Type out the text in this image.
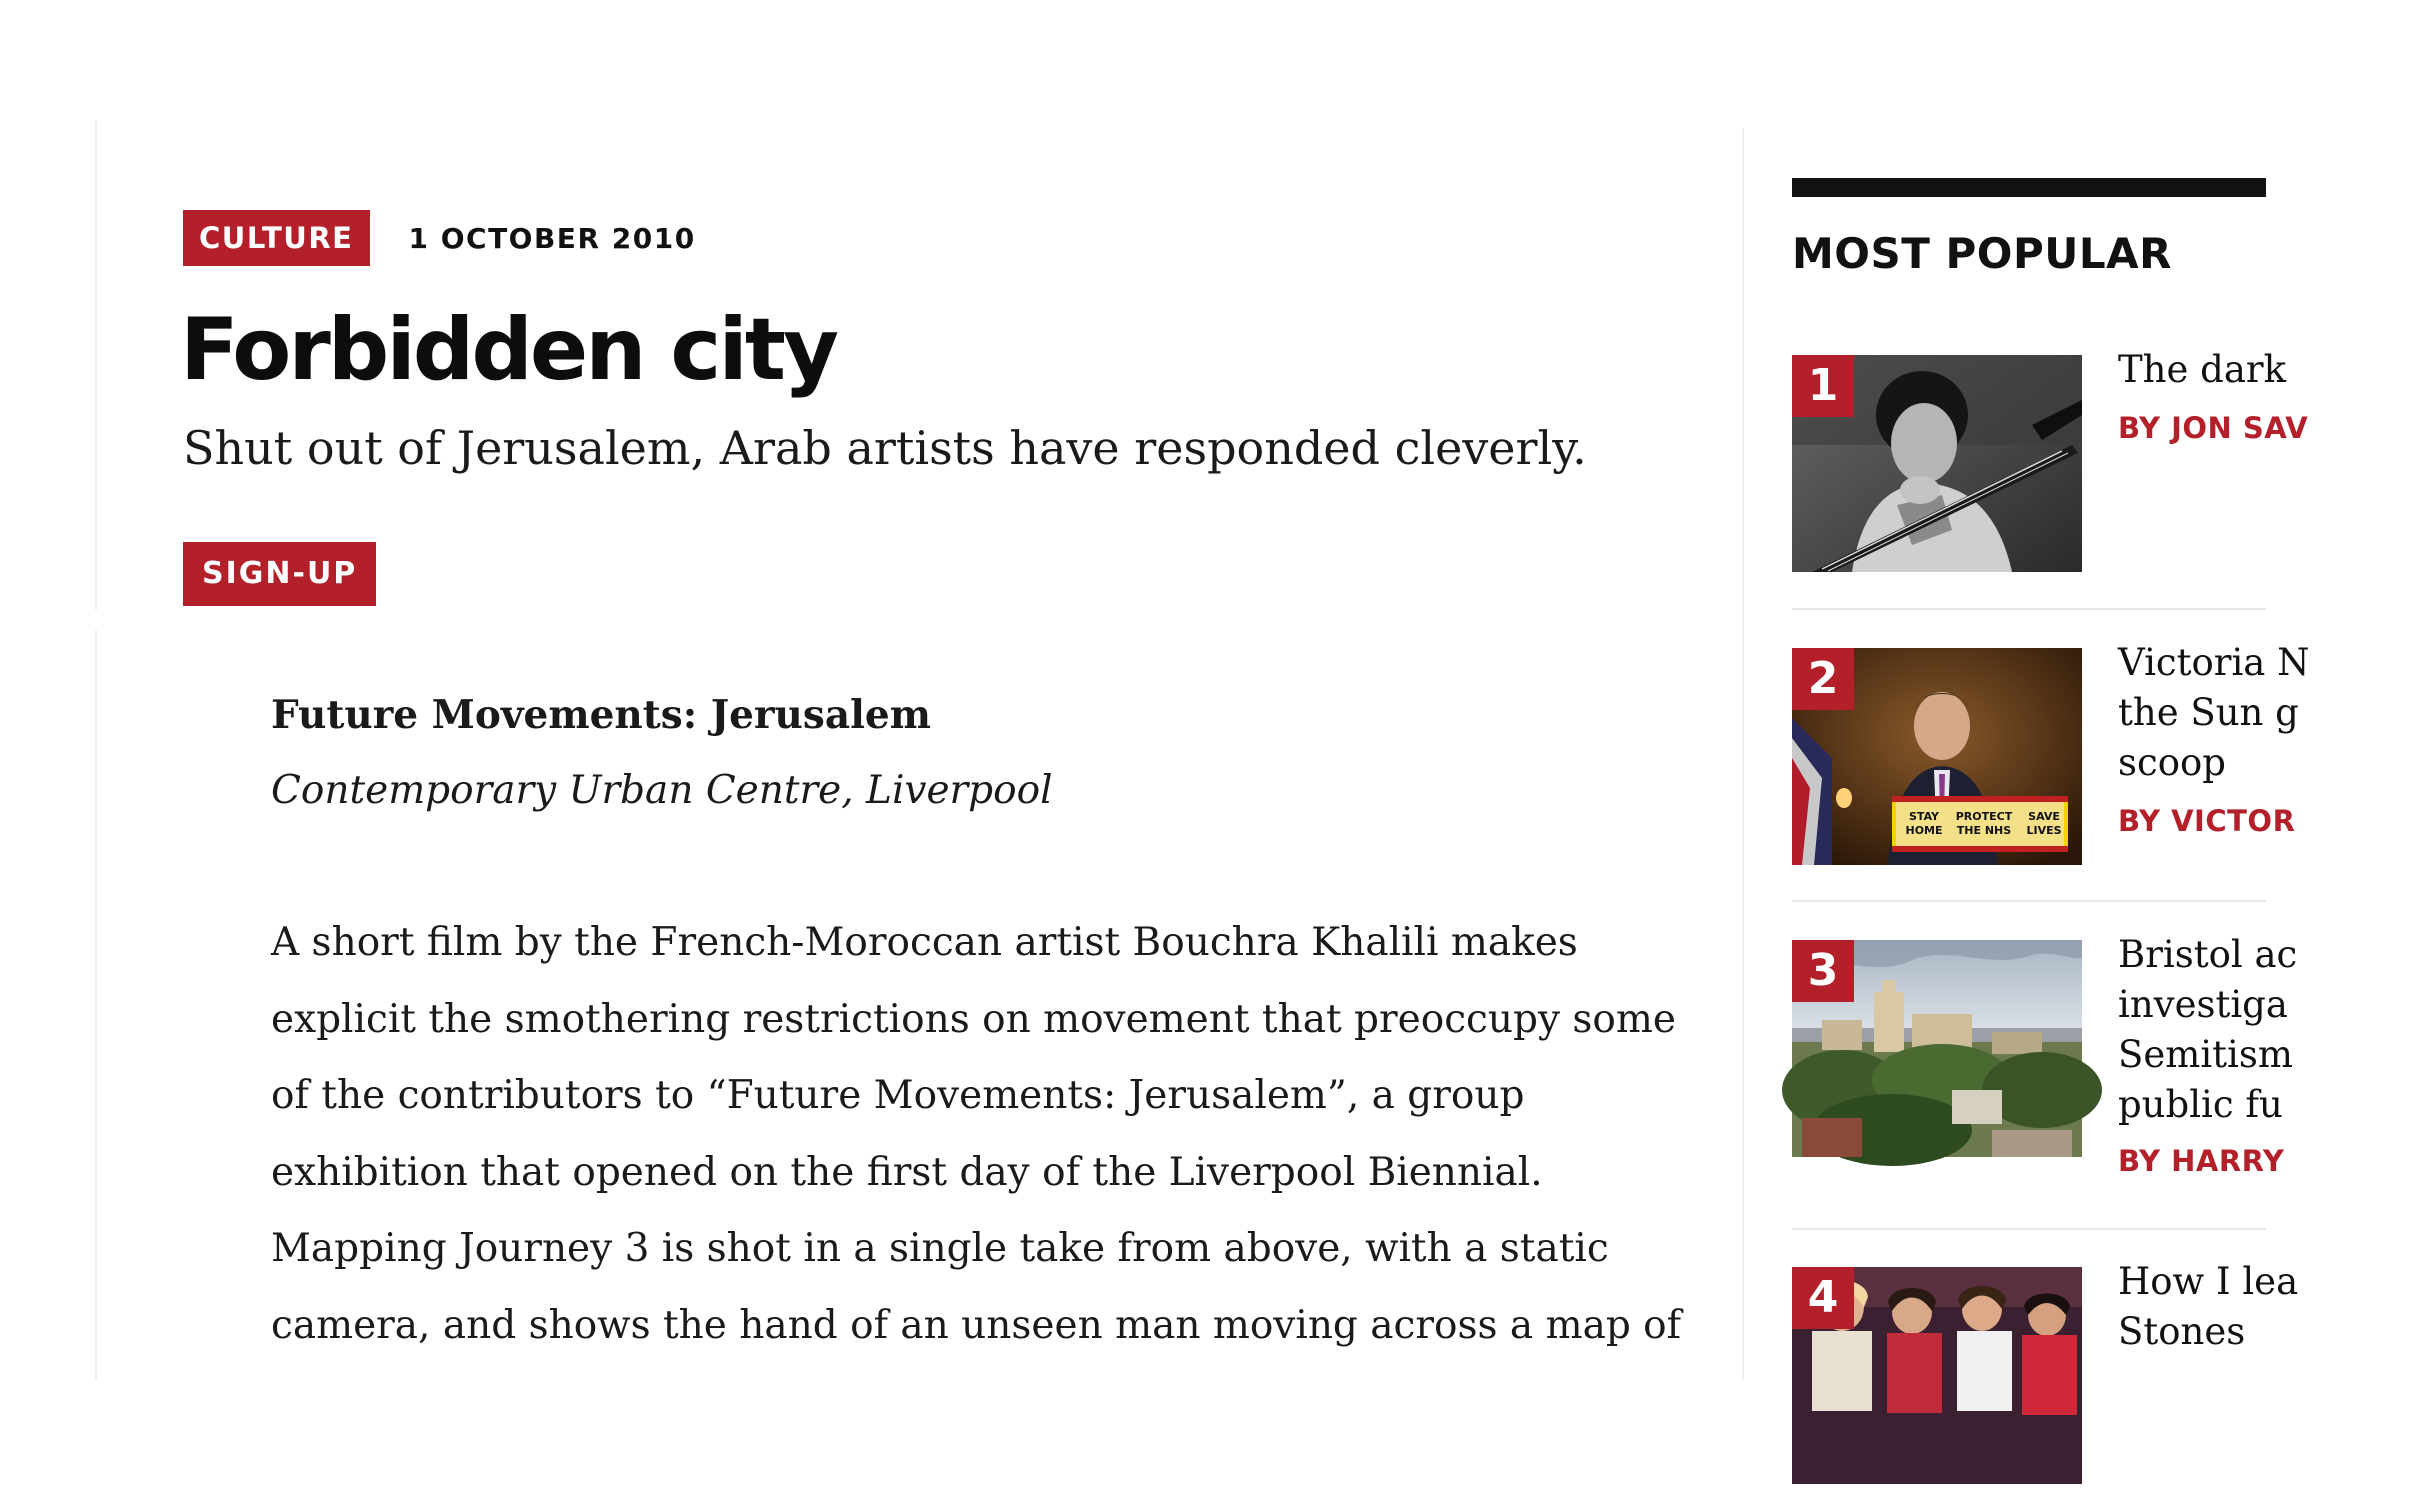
CULTURE	1 OCTOBER 2010
Forbidden city

Shut out of Jerusalem, Arab artists have responded cleverly.

SIGN-UP

Future Movements: Jerusalem

Contemporary Urban Centre, Liverpool

A short film by the French-Moroccan artist Bouchra Khalili makes
explicit the smothering restrictions on movement that preoccupy some
of the contributors to “Future Movements: Jerusalem”, a group
exhibition that opened on the first day of the Liverpool Biennial.
Mapping Journey 3 is shot in a single take from above, with a static
camera, and shows the hand of an unseen man moving across a map of
MOST POPULAR
1	The dark

BY JON SAV

STAY
HOME
PROTECT
THE NHS
SAVE
LIVES
2	Victoria N
the Sun g
scoop

BY VICTOR

3	Bristol ac
investiga
Semitism
public fu

BY HARRY

4	How I lea
Stones
